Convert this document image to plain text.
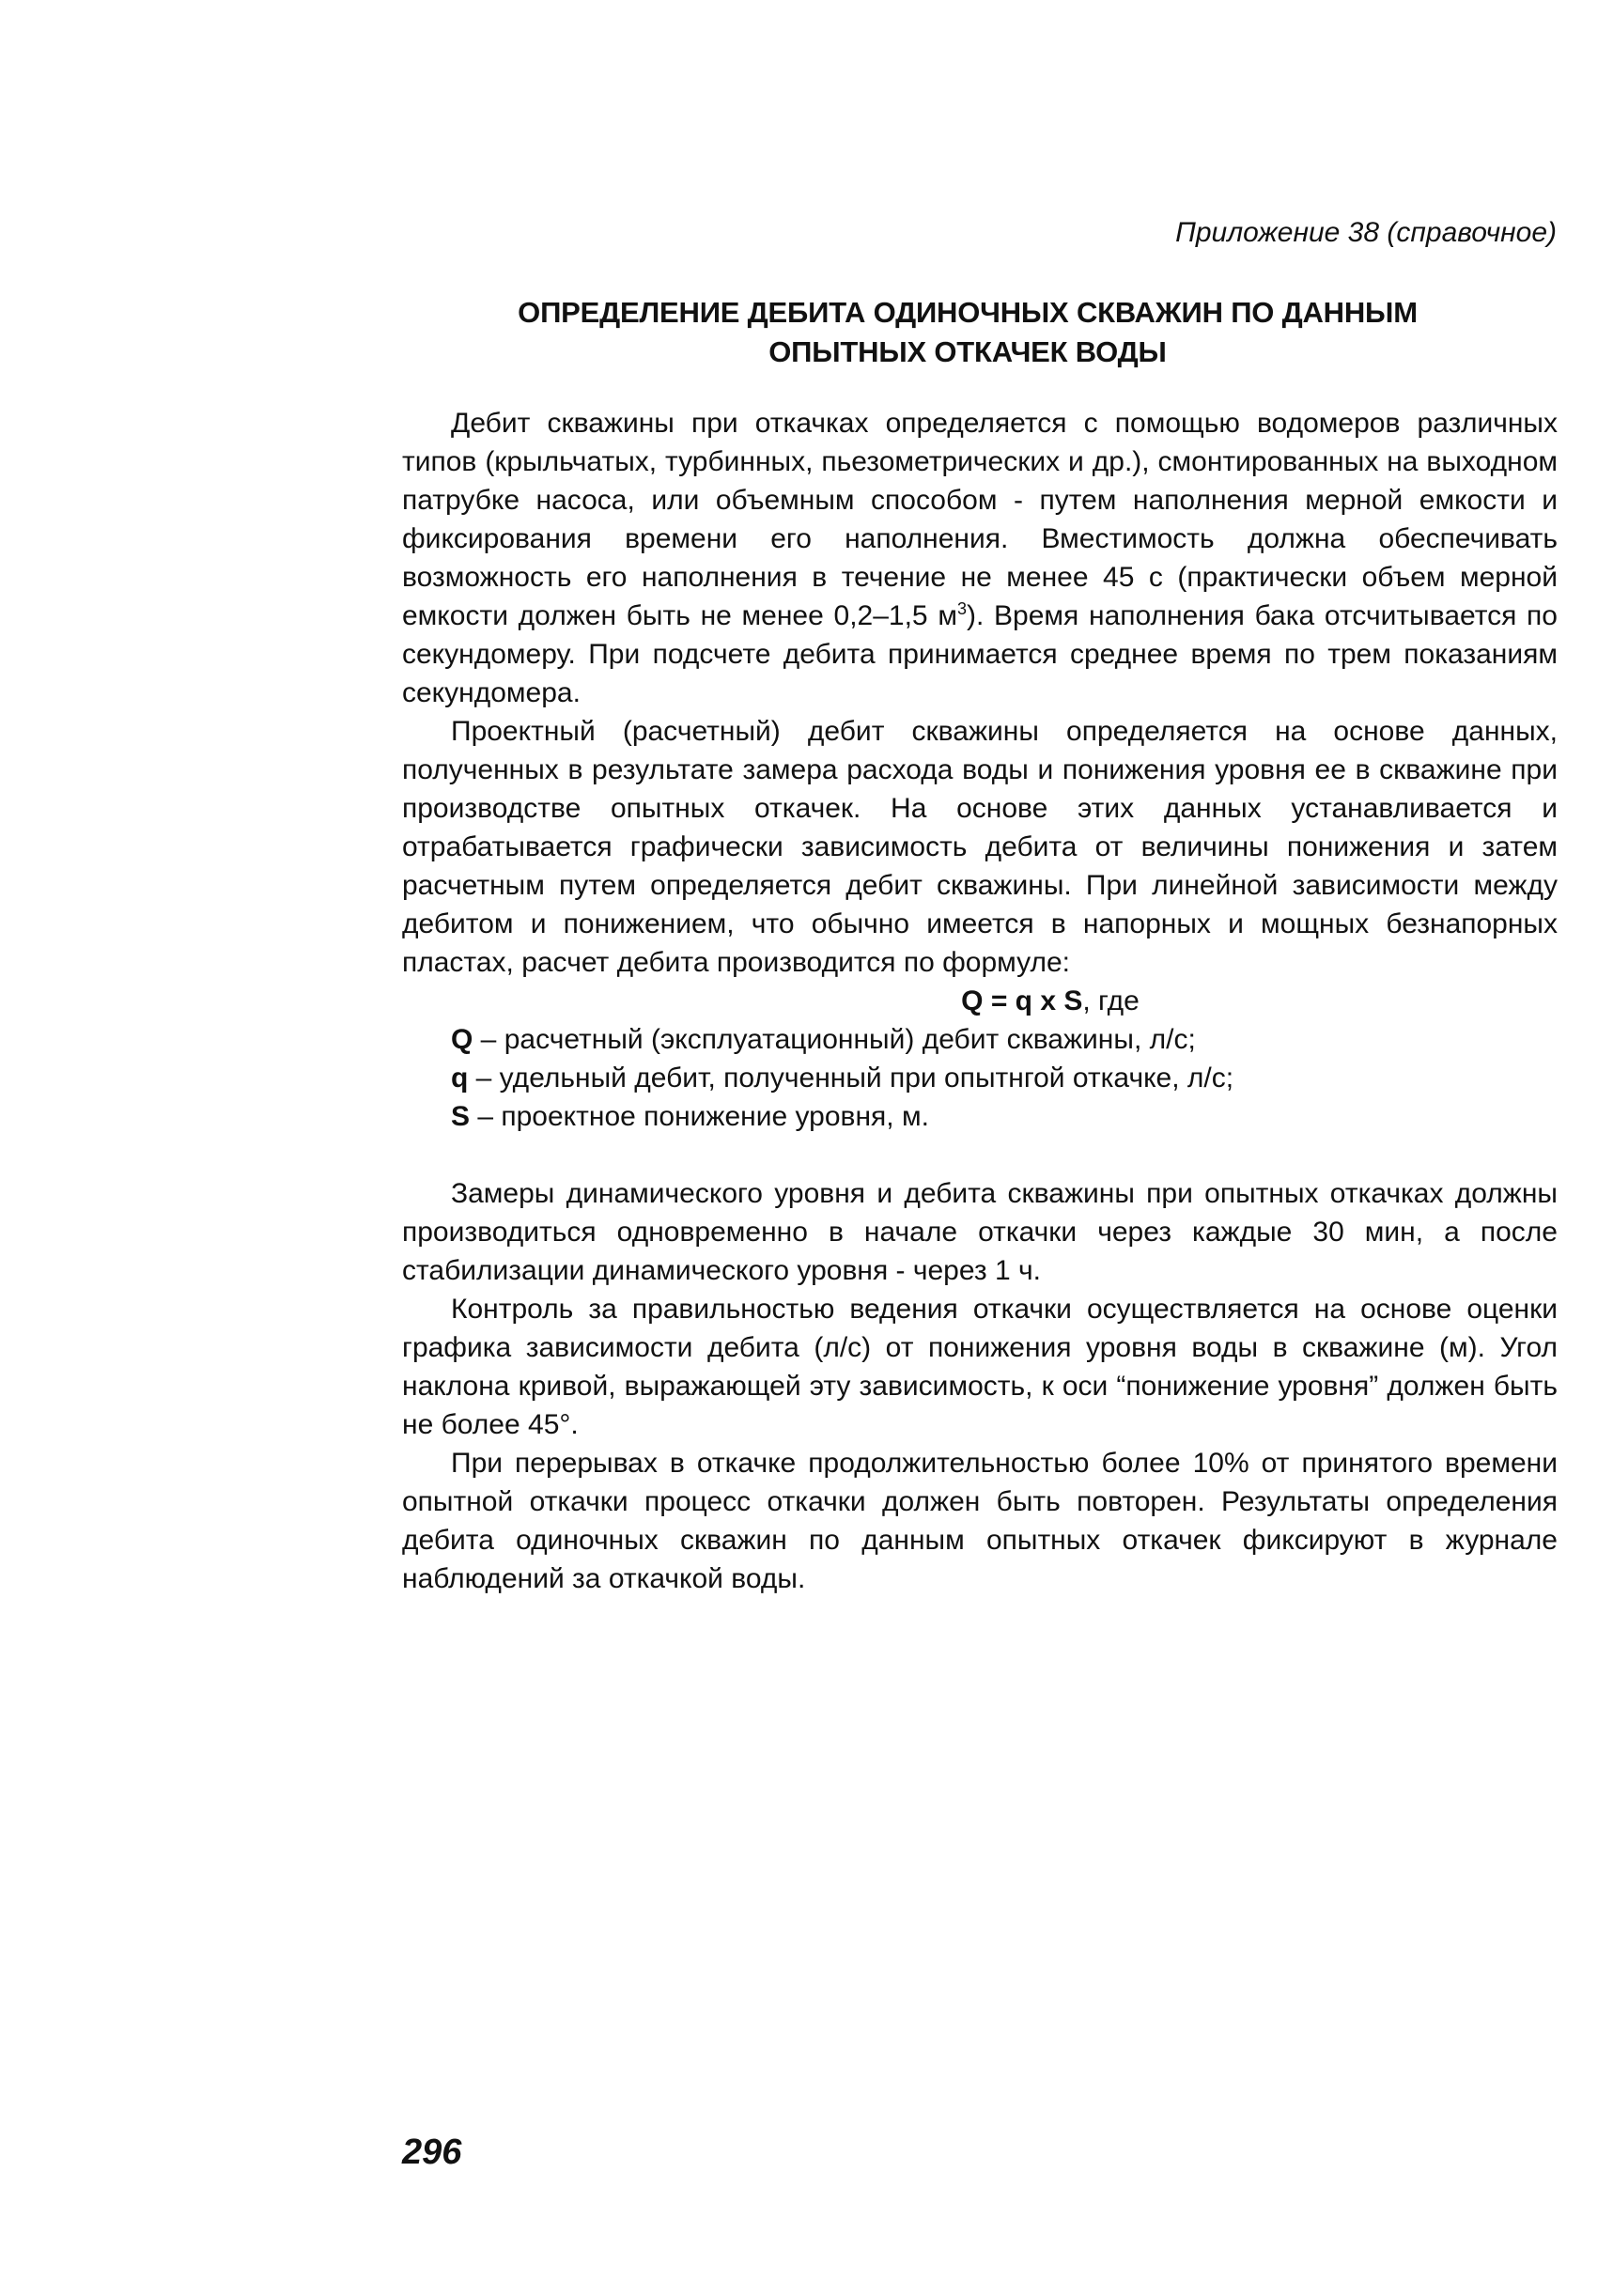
Приложение 38 (справочное)

ОПРЕДЕЛЕНИЕ ДЕБИТА ОДИНОЧНЫХ СКВАЖИН ПО ДАННЫМ
ОПЫТНЫХ ОТКАЧЕК ВОДЫ

Дебит скважины при откачках определяется с помощью водомеров различных типов (крыльчатых, турбинных, пьезометрических и др.), смонтированных на выходном патрубке насоса, или объемным способом - путем наполнения мерной емкости и фиксирования времени его наполнения. Вместимость должна обеспечивать возможность его наполнения в течение не менее 45 с (практически объем мерной емкости должен быть не менее 0,2–1,5 $м^3$). Время наполнения бака отсчитывается по секундомеру. При подсчете дебита принимается среднее время по трем показаниям секундомера.

Проектный (расчетный) дебит скважины определяется на основе данных, полученных в результате замера расхода воды и понижения уровня ее в скважине при производстве опытных откачек. На основе этих данных устанавливается и отрабатывается графически зависимость дебита от величины понижения и затем расчетным путем определяется дебит скважины. При линейной зависимости между дебитом и понижением, что обычно имеется в напорных и мощных безнапорных пластах, расчет дебита производится по формуле:

Q = q x S, где

Q – расчетный (эксплуатационный) дебит скважины, л/с;
q – удельный дебит, полученный при опытнгой откачке, л/с;
S – проектное понижение уровня, м.

Замеры динамического уровня и дебита скважины при опытных откачках должны производиться одновременно в начале откачки через каждые 30 мин, а после стабилизации динамического уровня - через 1 ч.

Контроль за правильностью ведения откачки осуществляется на основе оценки графика зависимости дебита (л/с) от понижения уровня воды в скважине (м). Угол наклона кривой, выражающей эту зависимость, к оси “понижение уровня” должен быть не более 45°.

При перерывах в откачке продолжительностью более 10% от принятого времени опытной откачки процесс откачки должен быть повторен. Результаты определения дебита одиночных скважин по данным опытных откачек фиксируют в журнале наблюдений за откачкой воды.

296
